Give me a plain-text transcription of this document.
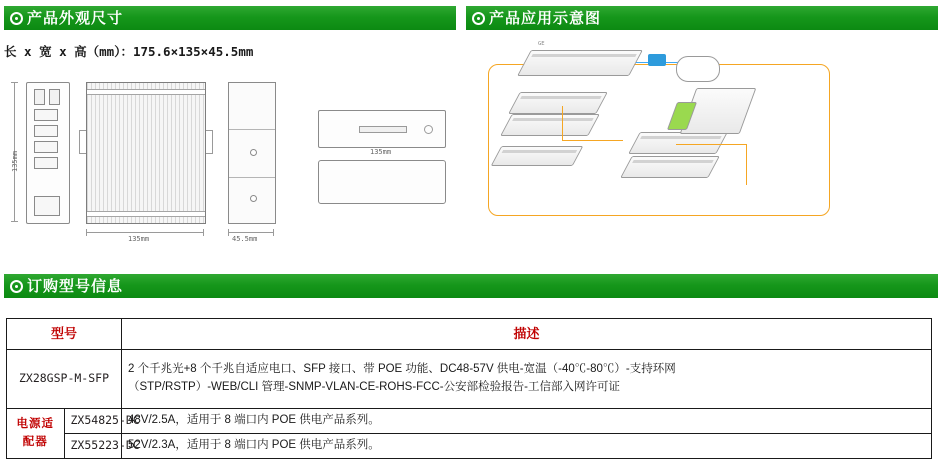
产品外观尺寸	产品应用示意图
长 x 宽 x 高（mm）：175.6×135×45.5mm
135mm
135mm	45.5mm
135mm
GE
订购型号信息
型号		描述
ZX28GSP-M-SFP		2 个千兆光+8 个千兆自适应电口、SFP 接口、带 POE 功能、DC48-57V 供电-宽温（-40℃-80℃）-支持环网
（STP/RSTP）-WEB/CLI 管理-SNMP-VLAN-CE-ROHS-FCC-公安部检验报告-工信部入网许可证

电源适配器	ZX54825-DC	48V/2.5A，适用于 8 端口内 POE 供电产品系列。
	ZX55223-DC	52V/2.3A，适用于 8 端口内 POE 供电产品系列。
